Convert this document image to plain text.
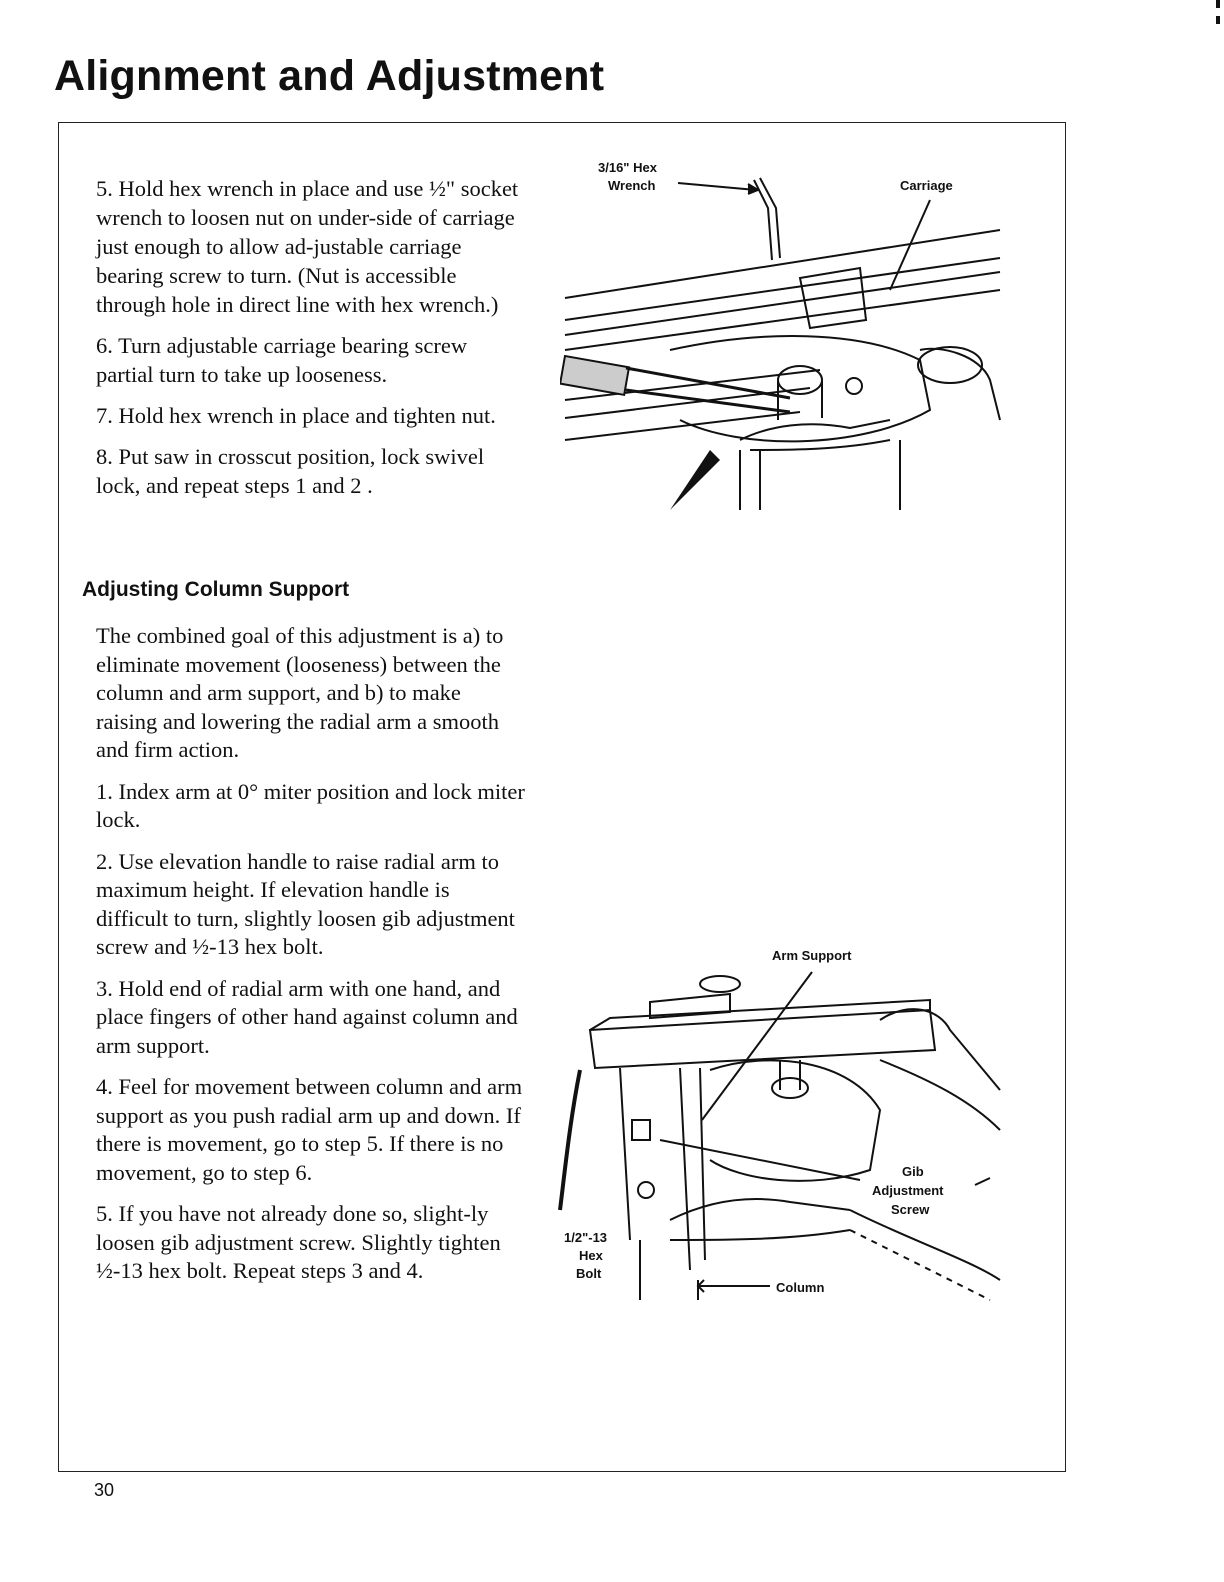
Alignment and Adjustment

5. Hold hex wrench in place and use ½" socket wrench to loosen nut on under-side of carriage just enough to allow ad-justable carriage bearing screw to turn. (Nut is accessible through hole in direct line with hex wrench.)

6. Turn adjustable carriage bearing screw partial turn to take up looseness.

7. Hold hex wrench in place and tighten nut.

8. Put saw in crosscut position, lock swivel lock, and repeat steps 1 and 2 .

Adjusting Column Support

The combined goal of this adjustment is a) to eliminate movement (looseness) between the column and arm support, and b) to make raising and lowering the radial arm a smooth and firm action.

1. Index arm at 0° miter position and lock miter lock.

2. Use elevation handle to raise radial arm to maximum height. If elevation handle is difficult to turn, slightly loosen gib adjustment screw and ½-13 hex bolt.

3. Hold end of radial arm with one hand, and place fingers of other hand against column and arm support.

4. Feel for movement between column and arm support as you push radial arm up and down. If there is movement, go to step 5. If there is no movement, go to step 6.

5. If you have not already done so, slight-ly loosen gib adjustment screw. Slightly tighten ½-13 hex bolt. Repeat steps 3 and 4.

3/16" Hex
Wrench	Carriage
Arm Support
Gib
Adjustment
Screw
1/2"-13
Hex
Bolt
Column
30
